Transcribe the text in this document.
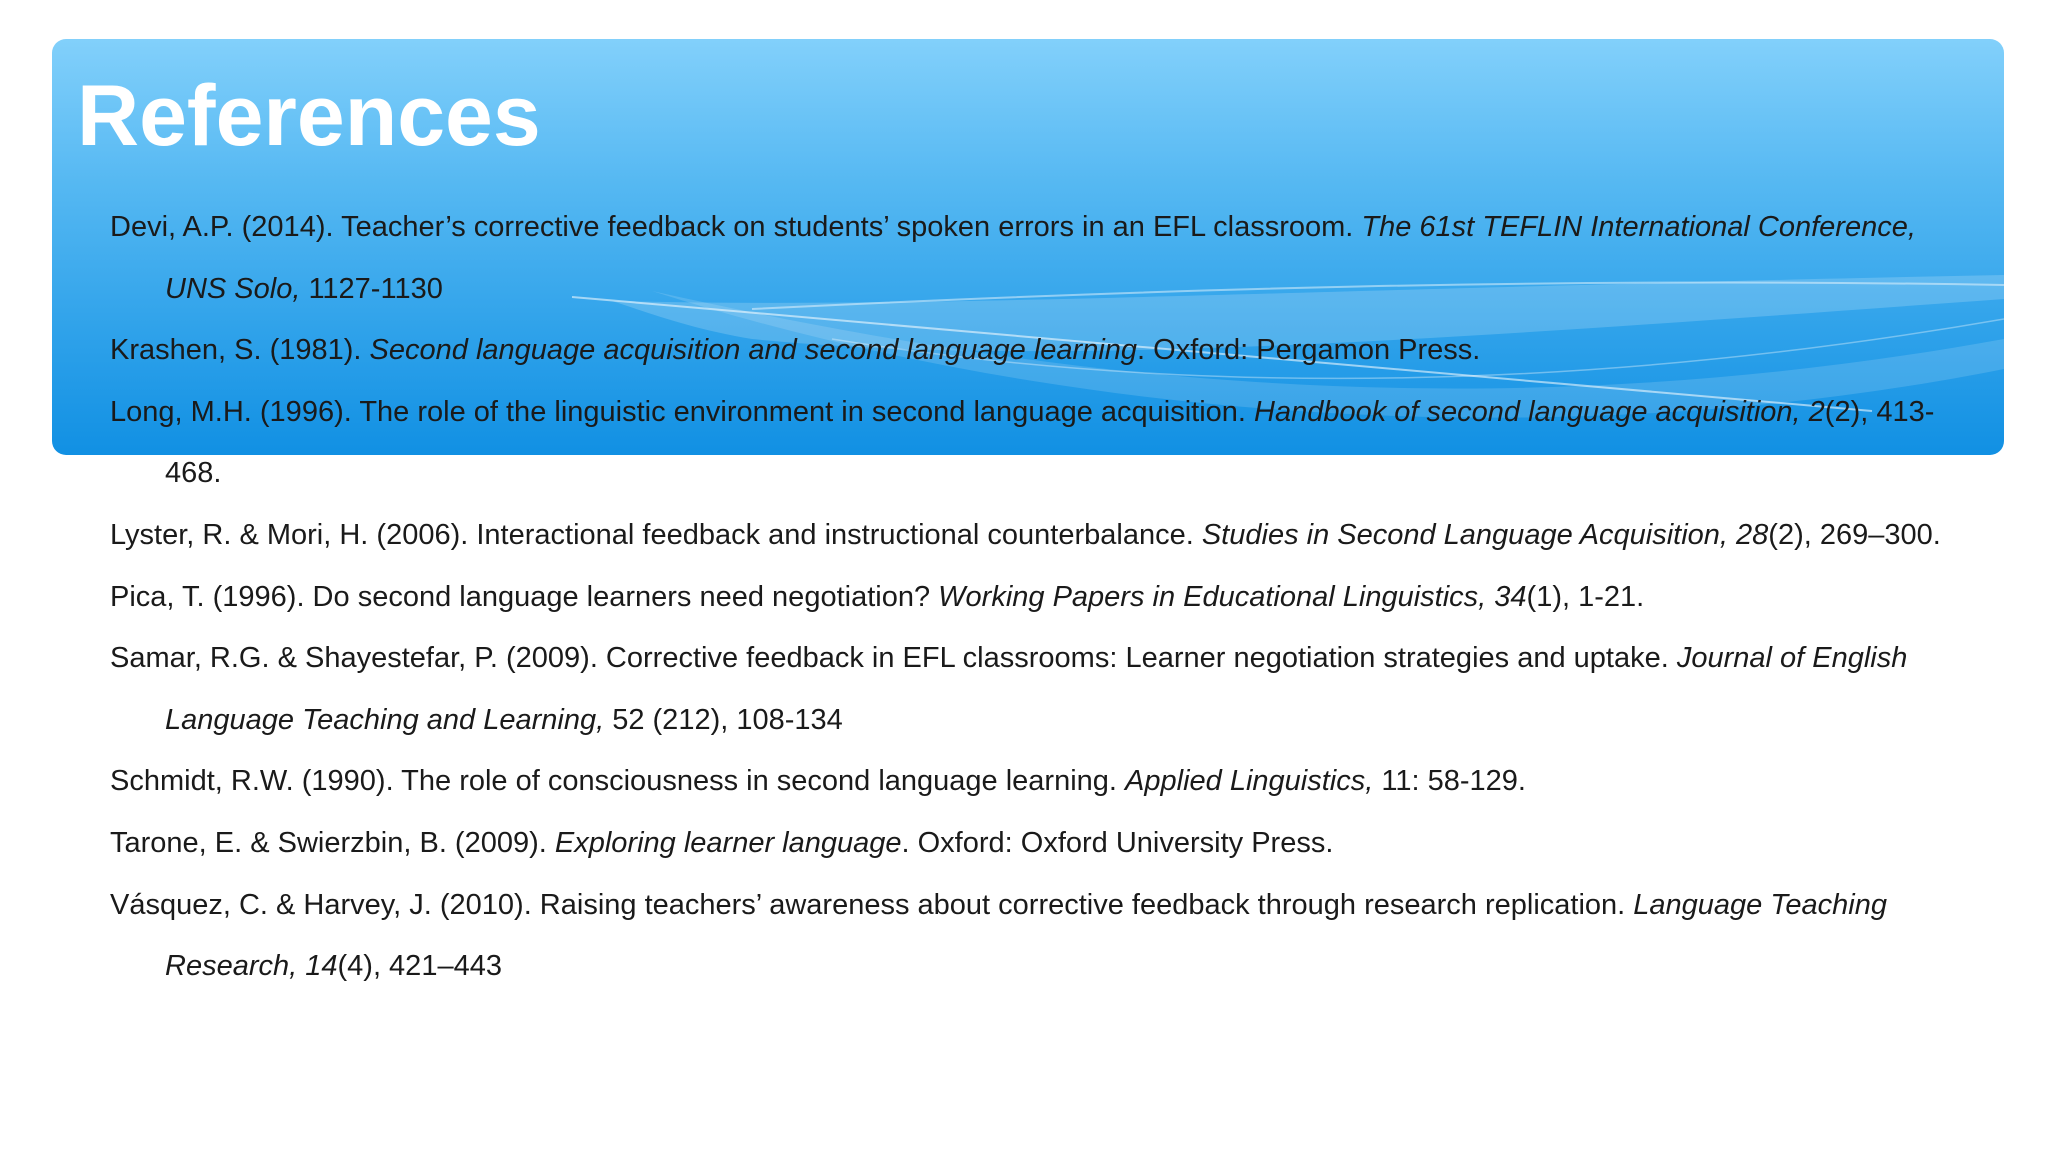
References

Devi, A.P. (2014). Teacher’s corrective feedback on students’ spoken errors in an EFL classroom. The 61st TEFLIN International Conference, UNS Solo, 1127-1130

Krashen, S. (1981). Second language acquisition and second language learning. Oxford: Pergamon Press.

Long, M.H. (1996). The role of the linguistic environment in second language acquisition. Handbook of second language acquisition, 2(2), 413-468.

Lyster, R. & Mori, H. (2006). Interactional feedback and instructional counterbalance. Studies in Second Language Acquisition, 28(2), 269–300.

Pica, T. (1996). Do second language learners need negotiation? Working Papers in Educational Linguistics, 34(1), 1-21.

Samar, R.G. & Shayestefar, P. (2009). Corrective feedback in EFL classrooms: Learner negotiation strategies and uptake. Journal of English Language Teaching and Learning, 52 (212), 108-134

Schmidt, R.W. (1990). The role of consciousness in second language learning. Applied Linguistics, 11: 58-129.

Tarone, E. & Swierzbin, B. (2009). Exploring learner language. Oxford: Oxford University Press.

Vásquez, C. & Harvey, J. (2010). Raising teachers’ awareness about corrective feedback through research replication. Language Teaching Research, 14(4), 421–443
